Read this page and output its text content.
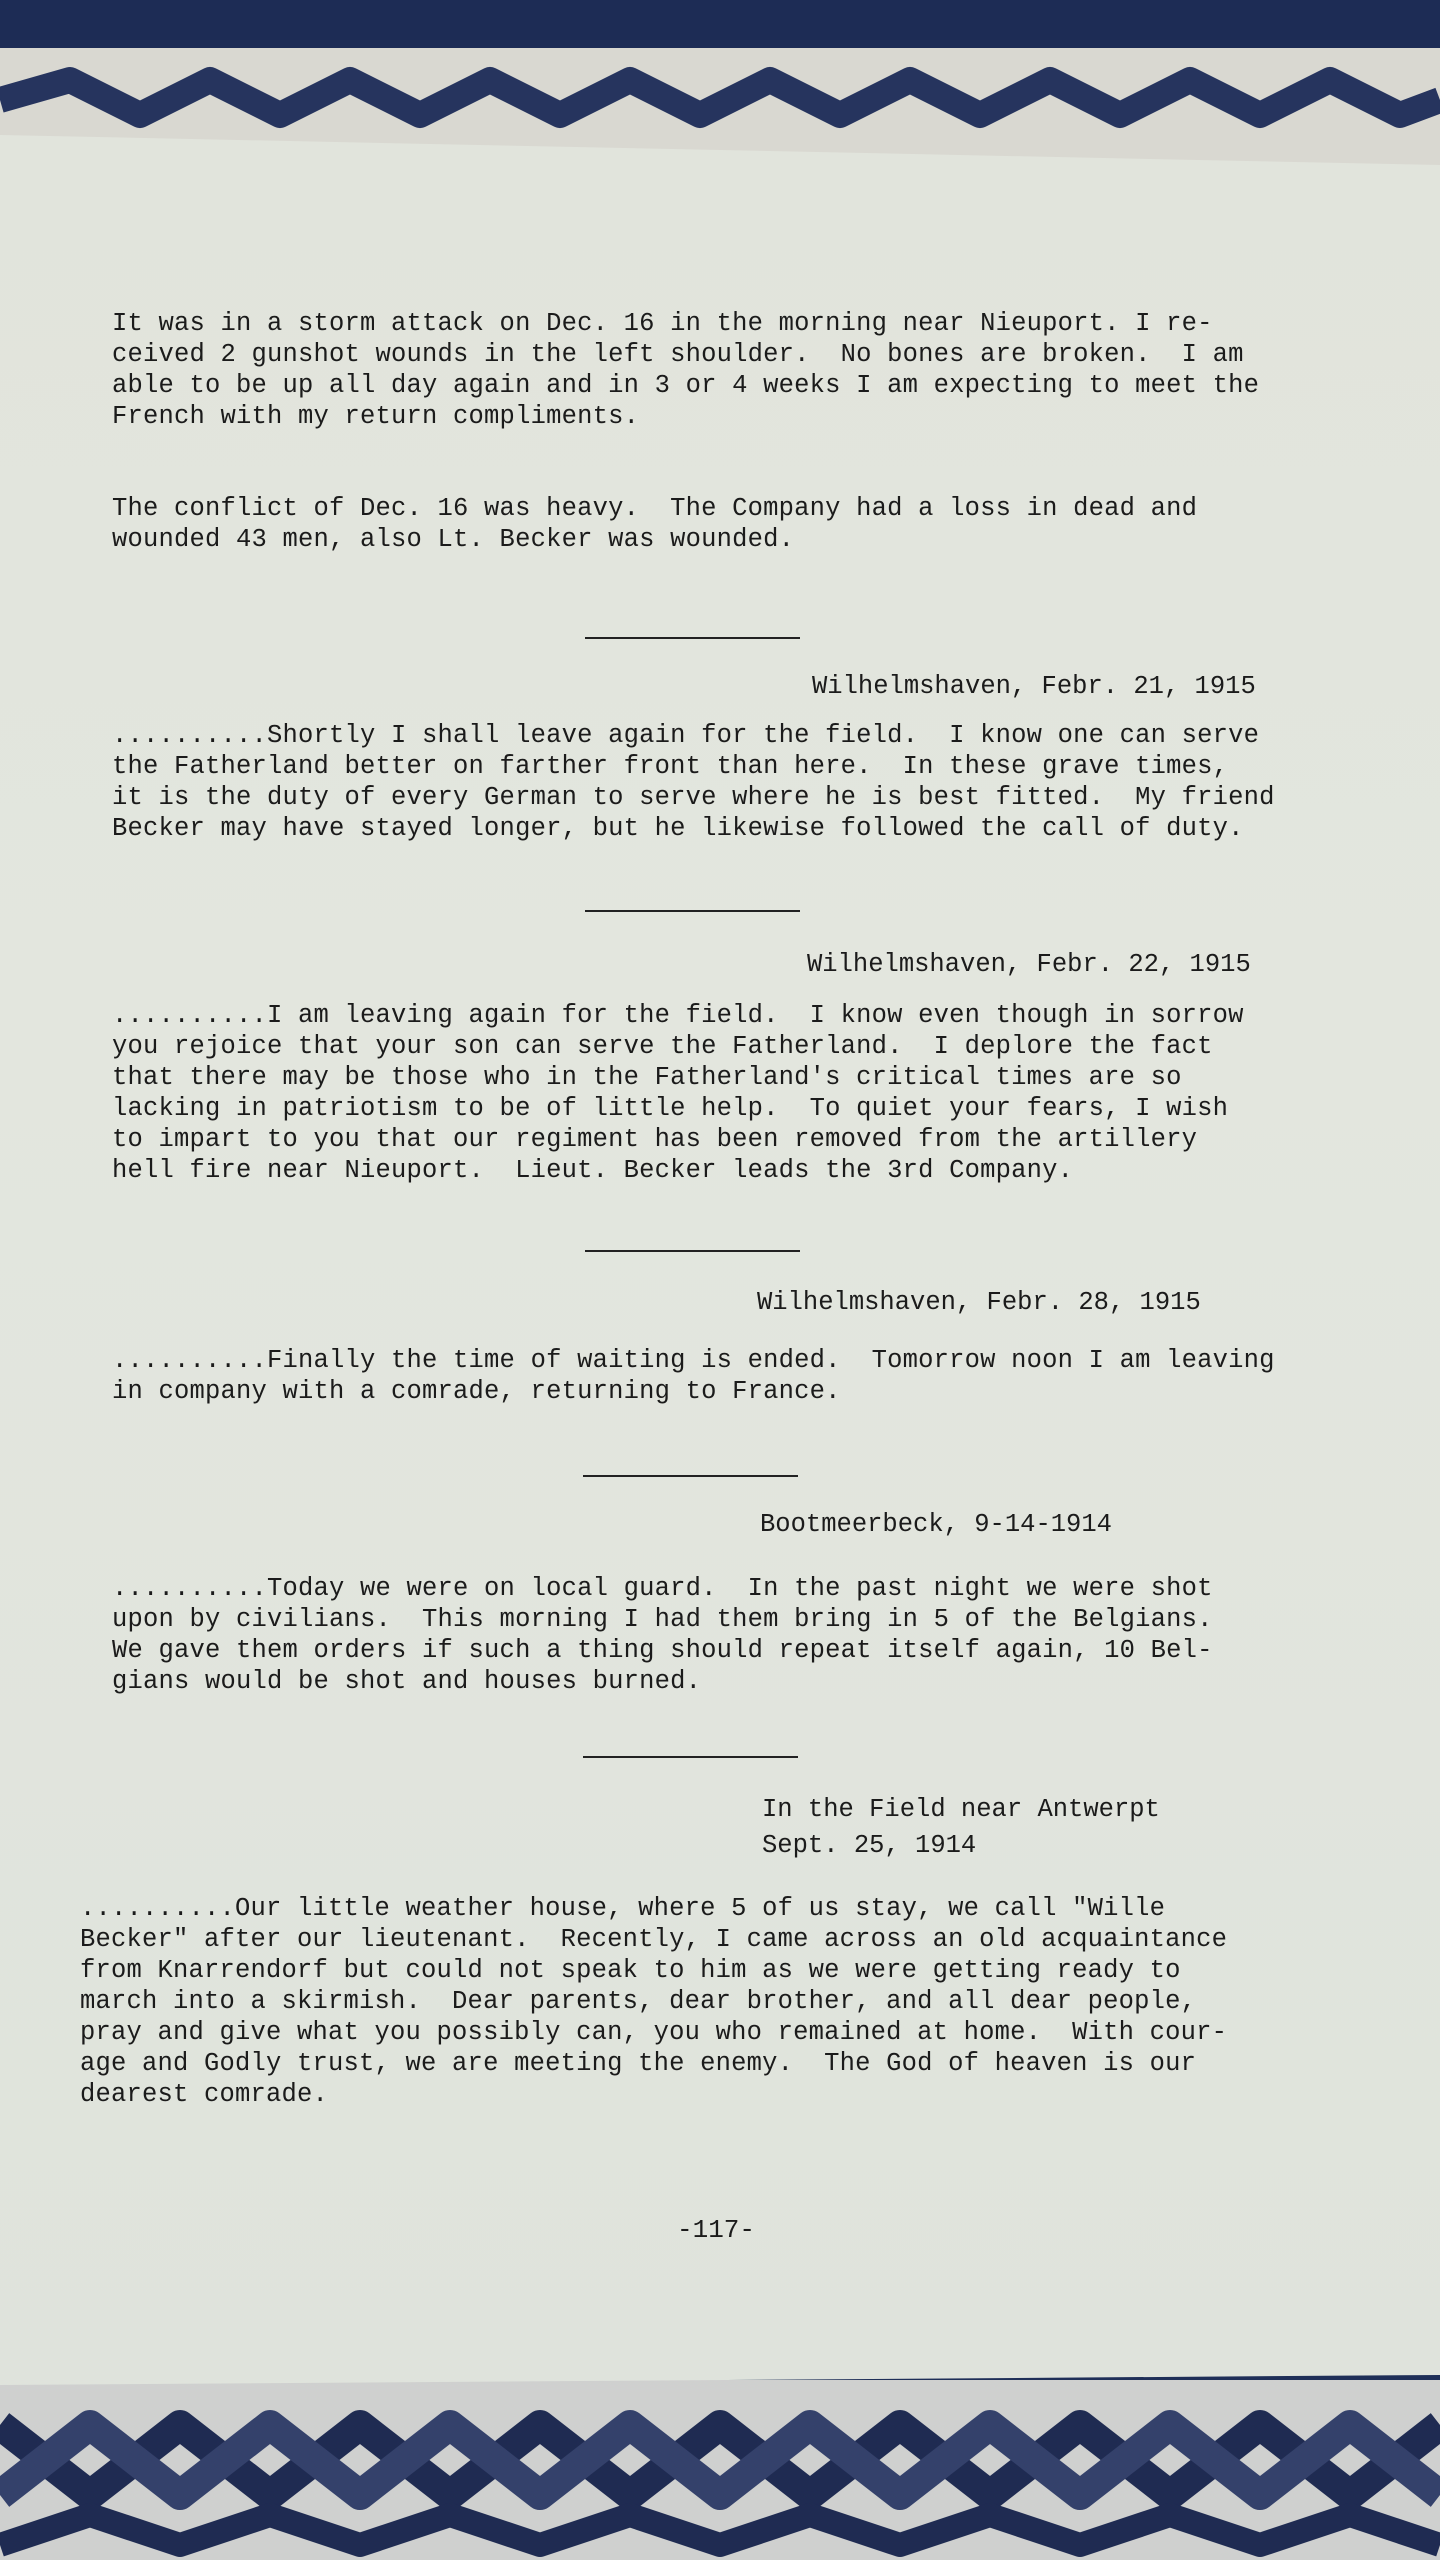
It was in a storm attack on Dec. 16 in the morning near Nieuport. I re-
ceived 2 gunshot wounds in the left shoulder.  No bones are broken.  I am
able to be up all day again and in 3 or 4 weeks I am expecting to meet the
French with my return compliments.
The conflict of Dec. 16 was heavy.  The Company had a loss in dead and
wounded 43 men, also Lt. Becker was wounded.
Wilhelmshaven, Febr. 21, 1915
..........Shortly I shall leave again for the field.  I know one can serve
the Fatherland better on farther front than here.  In these grave times,
it is the duty of every German to serve where he is best fitted.  My friend
Becker may have stayed longer, but he likewise followed the call of duty.
Wilhelmshaven, Febr. 22, 1915
..........I am leaving again for the field.  I know even though in sorrow
you rejoice that your son can serve the Fatherland.  I deplore the fact
that there may be those who in the Fatherland's critical times are so
lacking in patriotism to be of little help.  To quiet your fears, I wish
to impart to you that our regiment has been removed from the artillery
hell fire near Nieuport.  Lieut. Becker leads the 3rd Company.
Wilhelmshaven, Febr. 28, 1915
..........Finally the time of waiting is ended.  Tomorrow noon I am leaving
in company with a comrade, returning to France.
Bootmeerbeck, 9-14-1914
..........Today we were on local guard.  In the past night we were shot
upon by civilians.  This morning I had them bring in 5 of the Belgians.
We gave them orders if such a thing should repeat itself again, 10 Bel-
gians would be shot and houses burned.
In the Field near Antwerpt
Sept. 25, 1914
..........Our little weather house, where 5 of us stay, we call "Wille
Becker" after our lieutenant.  Recently, I came across an old acquaintance
from Knarrendorf but could not speak to him as we were getting ready to
march into a skirmish.  Dear parents, dear brother, and all dear people,
pray and give what you possibly can, you who remained at home.  With cour-
age and Godly trust, we are meeting the enemy.  The God of heaven is our
dearest comrade.
-117-
